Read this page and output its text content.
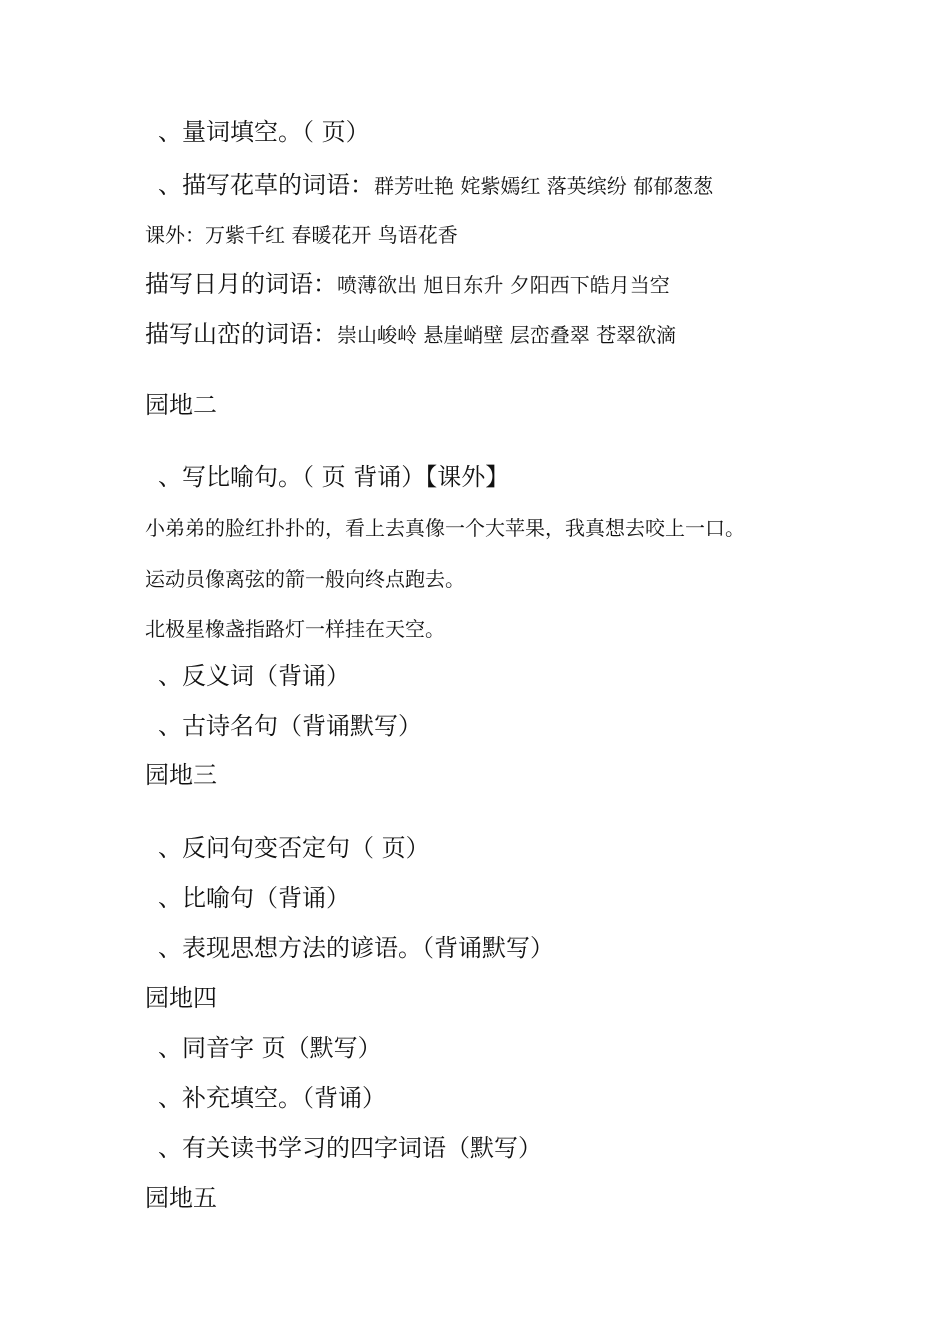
、量词填空。（ 页）
、描写花草的词语：群芳吐艳 姹紫嫣红 落英缤纷 郁郁葱葱
课外：万紫千红 春暖花开 鸟语花香
描写日月的词语：喷薄欲出 旭日东升 夕阳西下皓月当空
描写山峦的词语：崇山峻岭 悬崖峭壁 层峦叠翠 苍翠欲滴
园地二
、写比喻句。（ 页 背诵）【课外】
小弟弟的脸红扑扑的，看上去真像一个大苹果，我真想去咬上一口。
运动员像离弦的箭一般向终点跑去。
北极星橡盏指路灯一样挂在天空。
、反义词（背诵）
、古诗名句（背诵默写）
园地三
、反问句变否定句（ 页）
、比喻句（背诵）
、表现思想方法的谚语。（背诵默写）
园地四
、同音字 页（默写）
、补充填空。（背诵）
、有关读书学习的四字词语（默写）
园地五
